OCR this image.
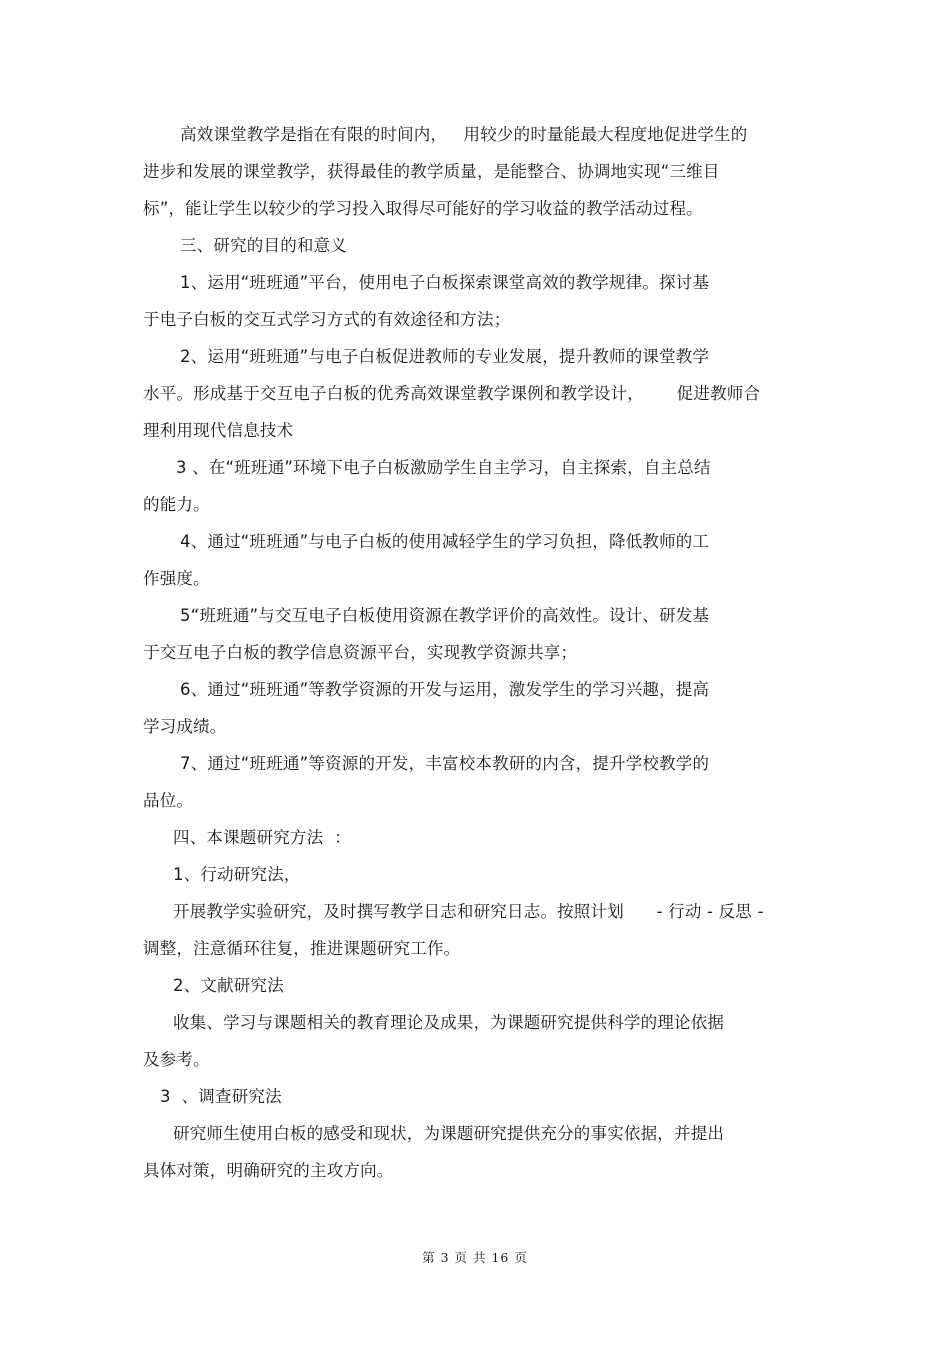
高效课堂教学是指在有限的时间内，   用较少的时量能最大程度地促进学生的
进步和发展的课堂教学，获得最佳的教学质量，是能整合、协调地实现“三维目
标”，能让学生以较少的学习投入取得尽可能好的学习收益的教学活动过程。
三、研究的目的和意义
1、运用“班班通”平台，使用电子白板探索课堂高效的教学规律。探讨基
于电子白板的交互式学习方式的有效途径和方法；
2、运用“班班通”与电子白板促进教师的专业发展，提升教师的课堂教学
水平。形成基于交互电子白板的优秀高效课堂教学课例和教学设计，      促进教师合
理利用现代信息技术
3 、在“班班通”环境下电子白板激励学生自主学习，自主探索，自主总结
的能力。
4、通过“班班通”与电子白板的使用减轻学生的学习负担，降低教师的工
作强度。
5“班班通”与交互电子白板使用资源在教学评价的高效性。设计、研发基
于交互电子白板的教学信息资源平台，实现教学资源共享；
6、通过“班班通”等教学资源的开发与运用，激发学生的学习兴趣，提高
学习成绩。
7、通过“班班通”等资源的开发，丰富校本教研的内含，提升学校教学的
品位。
四、本课题研究方法  ：
1、行动研究法，
开展教学实验研究，及时撰写教学日志和研究日志。按照计划      - 行动 - 反思 -
调整，注意循环往复，推进课题研究工作。
2、文献研究法
收集、学习与课题相关的教育理论及成果，为课题研究提供科学的理论依据
及参考。
3  、调查研究法
研究师生使用白板的感受和现状，为课题研究提供充分的事实依据，并提出
具体对策，明确研究的主攻方向。
第 3 页 共 16 页
